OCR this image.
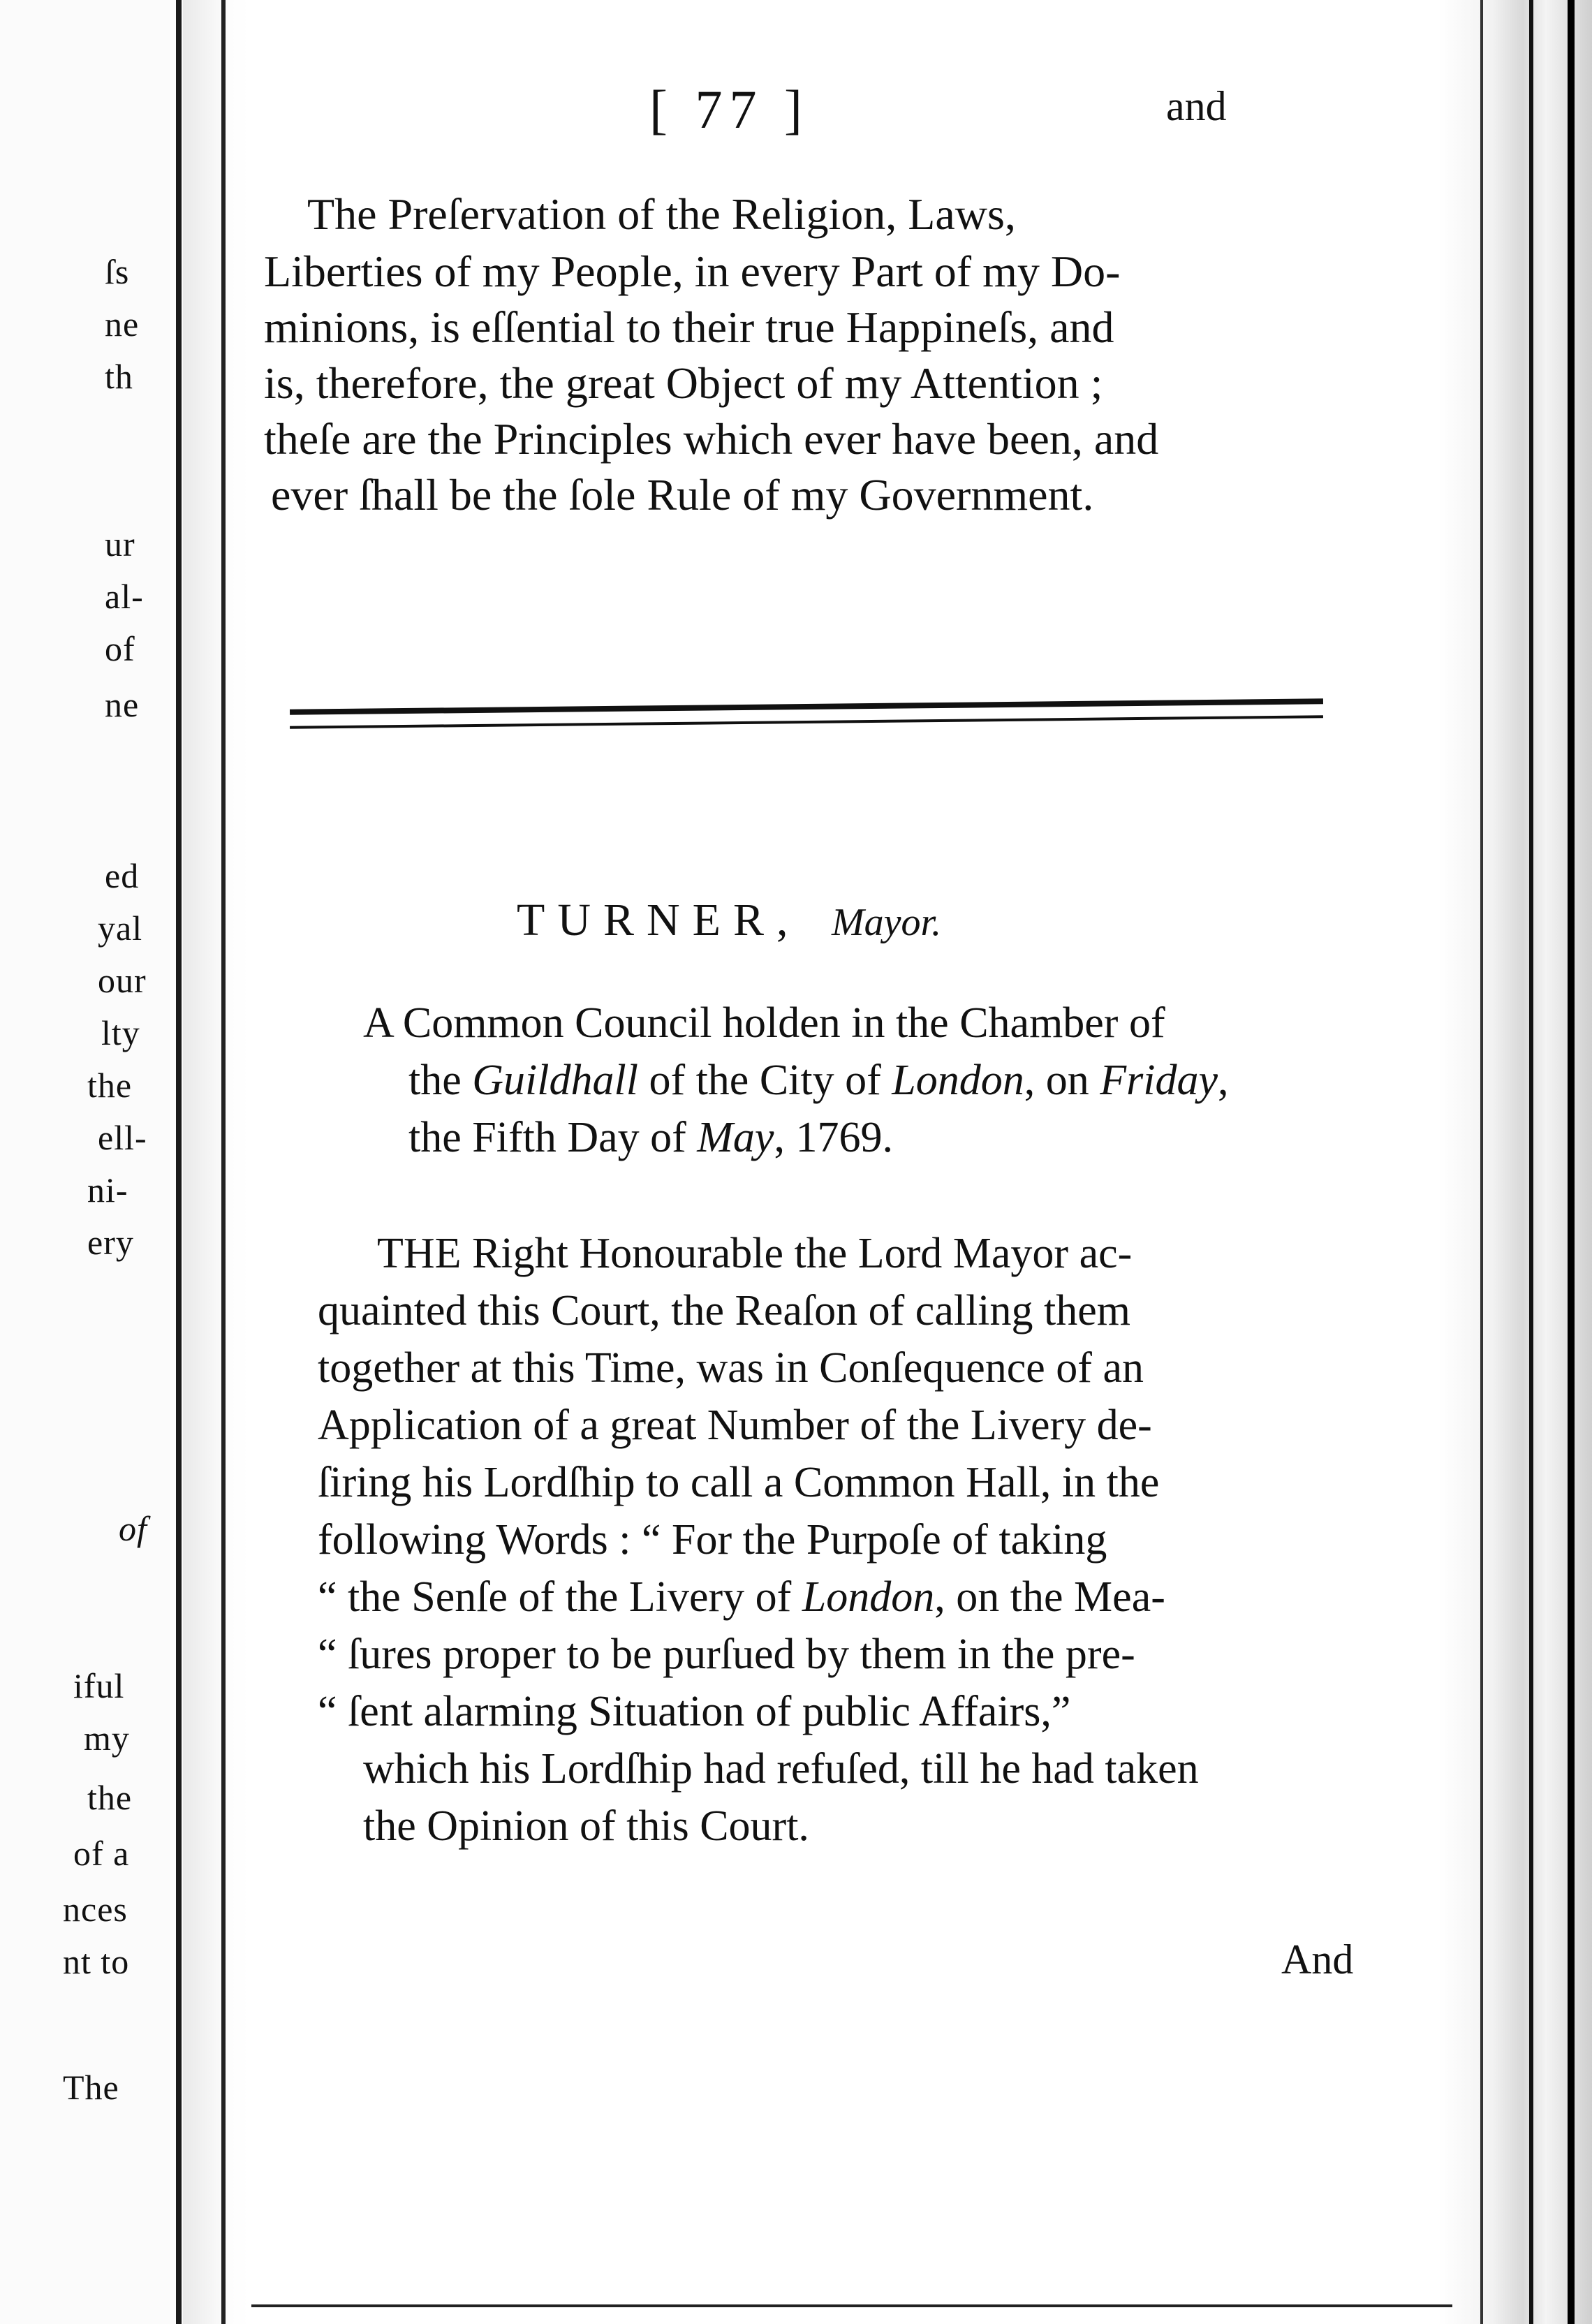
ſs
ne
th
ur
al-
of
ne
ed
yal
our
lty
the
ell-
ni-
ery
of
iful
my
the
of a
nces
nt to
The
[ 77 ]	and
The Preſervation of the Religion, Laws,
Liberties of my People, in every Part of my Do-
minions, is eſſential to their true Happineſs, and
is, therefore, the great Object of my Attention ;
theſe are the Principles which ever have been, and
ever ſhall be the ſole Rule of my Government.
TURNER, Mayor.
A Common Council holden in the Chamber of
the Guildhall of the City of London, on Friday,
the Fifth Day of May, 1769.
THE Right Honourable the Lord Mayor ac-
quainted this Court, the Reaſon of calling them
together at this Time, was in Conſequence of an
Application of a great Number of the Livery de-
ſiring his Lordſhip to call a Common Hall, in the
following Words : “ For the Purpoſe of taking
“ the Senſe of the Livery of London, on the Mea-
“ ſures proper to be purſued by them in the pre-
“ ſent alarming Situation of public Affairs,”
which his Lordſhip had refuſed, till he had taken
the Opinion of this Court.
And
